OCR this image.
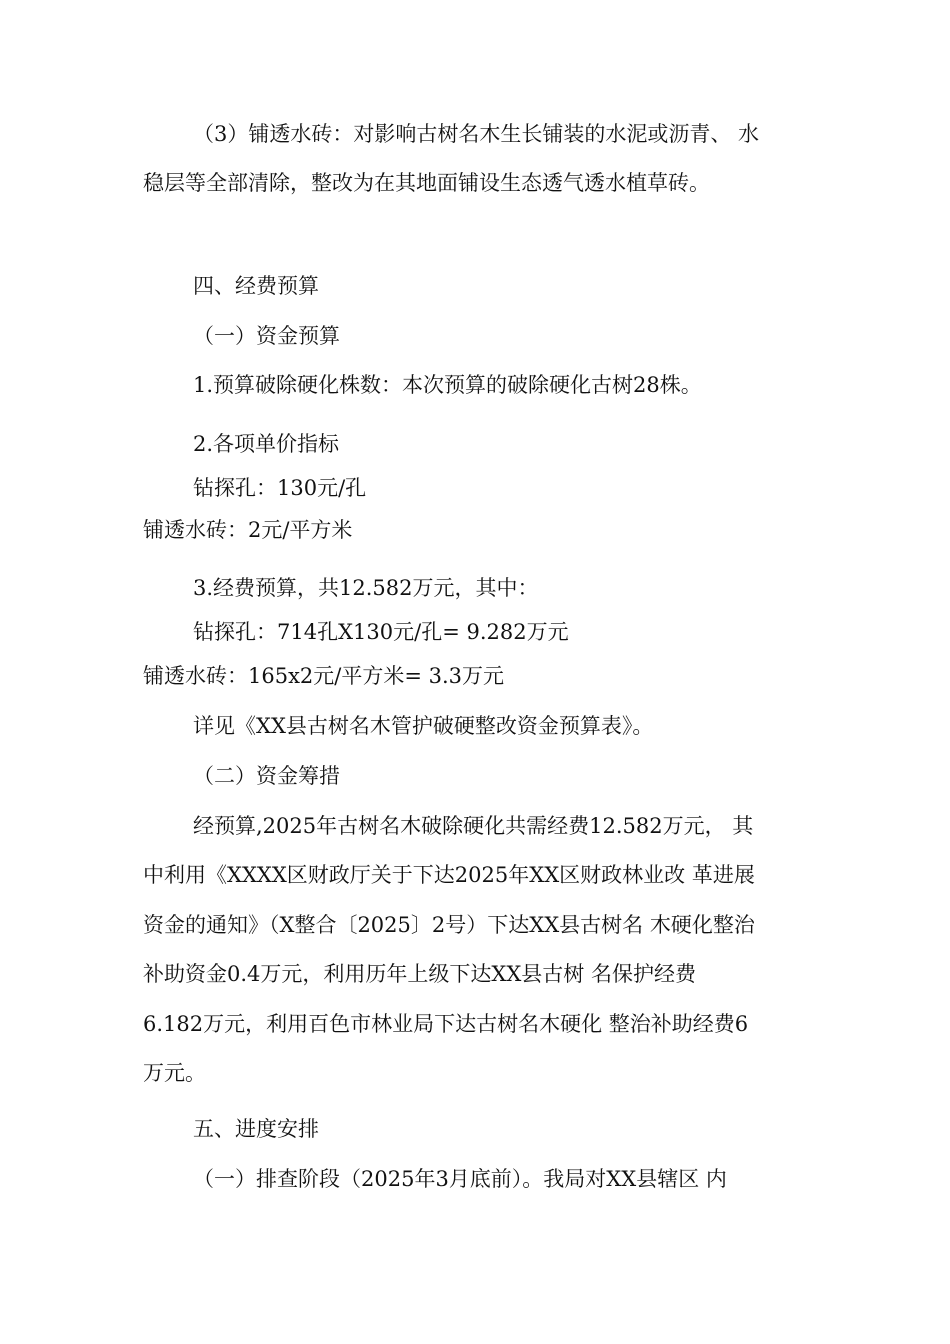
（3）铺透水砖：对影响古树名木生长铺装的水泥或沥青、 水
稳层等全部清除，整改为在其地面铺设生态透气透水植草砖。
四、经费预算
（一）资金预算
1.预算破除硬化株数：本次预算的破除硬化古树28株。
2.各项单价指标
钻探孔：130元/孔
铺透水砖：2元/平方米
3.经费预算，共12.582万元，其中：
钻探孔：714孔X130元/孔= 9.282万元
铺透水砖：165x2元/平方米= 3.3万元
详见《XX县古树名木管护破硬整改资金预算表》。
（二）资金筹措
经预算,2025年古树名木破除硬化共需经费12.582万元， 其
中利用《XXXX区财政厅关于下达2025年XX区财政林业改 革进展
资金的通知》（X整合〔2025〕2号）下达XX县古树名 木硬化整治
补助资金0.4万元，利用历年上级下达XX县古树 名保护经费
6.182万元，利用百色市林业局下达古树名木硬化 整治补助经费6
万元。
五、进度安排
（一）排查阶段（2025年3月底前）。我局对XX县辖区 内
